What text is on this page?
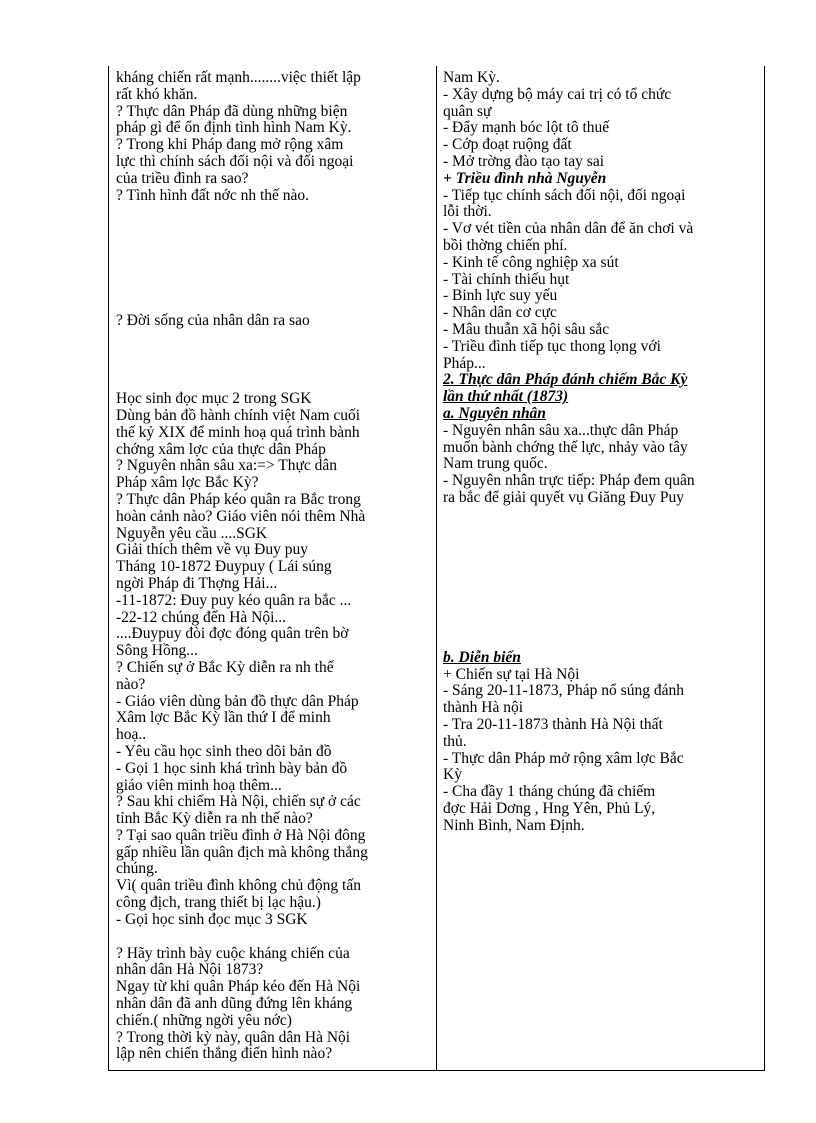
kháng chiến rất mạnh........việc thiết lập
rất khó khăn.
? Thực dân Pháp đã dùng những biện
pháp gì để ổn định tình hình Nam Kỳ.
? Trong khi Pháp đang mở rộng xâm
lực thì chính sách đối nội và đối ngoại
của triều đình ra sao?
? Tình hình đất nớc nh thế nào.
? Đời sống của nhân dân ra sao
Học sinh đọc mục 2 trong SGK
Dùng bản đồ hành chính việt Nam cuối
thế kỷ XIX để minh hoạ quá trình bành
chớng xâm lợc của thực dân Pháp
? Nguyên nhân sâu xa:=> Thực dân
Pháp xâm lợc Bắc Kỳ?
? Thực dân Pháp kéo quân ra Bắc trong
hoàn cảnh nào? Giáo viên nói thêm Nhà
Nguyễn yêu cầu ....SGK
Giải thích thêm về vụ Đuy puy
Tháng 10-1872 Đuypuy ( Lái súng
ngời Pháp đi Thợng Hải...
-11-1872: Đuy puy kéo quân ra bắc ...
-22-12 chúng đến Hà Nội...
....Đuypuy đòi đợc đóng quân trên bờ
Sông Hồng...
? Chiến sự ở Bắc Kỳ diễn ra nh thế
nào?
- Giáo viên dùng bản đồ thực dân Pháp
Xâm lợc Bắc Kỳ lần thứ I để minh
hoạ..
- Yêu cầu học sinh theo dõi bản đồ
- Gọi 1 học sinh khá trình bày bản đồ
giáo viên minh hoạ thêm...
? Sau khi chiếm Hà Nội, chiến sự ở các
tỉnh Bắc Kỳ diễn ra nh thế nào?
? Tại sao quân triều đình ở Hà Nội đông
gấp nhiều lần quân địch mà không thắng
chúng.
Vì( quân triều đình không chủ động tấn
công địch, trang thiết bị lạc hậu.)
- Gọi học sinh đọc mục 3 SGK
? Hãy trình bày cuộc kháng chiến của
nhân dân Hà Nội 1873?
Ngay từ khi quân Pháp kéo đến Hà Nội
nhân dân đã anh dũng đứng lên kháng
chiến.( những ngời yêu nớc)
? Trong thời kỳ này, quân dân Hà Nội
lập nên chiến thắng điển hình nào?
Nam Kỳ.
- Xây dựng bộ máy cai trị có tổ chức
quân sự
- Đẩy mạnh bóc lột tô thuế
- Cớp đoạt ruộng đất
- Mở trờng đào tạo tay sai
+ Triều đình nhà Nguyễn
- Tiếp tục chính sách đối nội, đối ngoại
lỗi thời.
- Vơ vét tiền của nhân dân để ăn chơi và
bồi thờng chiến phí.
- Kinh tế công nghiệp xa sút
- Tài chính thiếu hụt
- Binh lực suy yếu
- Nhân dân cơ cực
- Mâu thuẫn xã hội sâu sắc
- Triều đình tiếp tục thong lọng với
Pháp...
2. Thực dân Pháp đánh chiếm Bắc Kỳ
lần thứ nhất (1873)
a. Nguyên nhân
- Nguyên nhân sâu xa...thực dân Pháp
muốn bành chớng thế lực, nhảy vào tây
Nam trung quốc.
- Nguyên nhân trực tiếp: Pháp đem quân
ra bắc để giải quyết vụ Giăng Đuy Puy
b. Diễn biến
+ Chiến sự tại Hà Nội
- Sáng 20-11-1873, Pháp nổ súng đánh
thành Hà nội
- Tra 20-11-1873 thành Hà Nội thất
thủ.
- Thực dân Pháp mở rộng xâm lợc Bắc
Kỳ
- Cha đầy 1 tháng chúng đã chiếm
đợc Hải Dơng , Hng Yên, Phủ Lý,
Ninh Bình, Nam Định.
